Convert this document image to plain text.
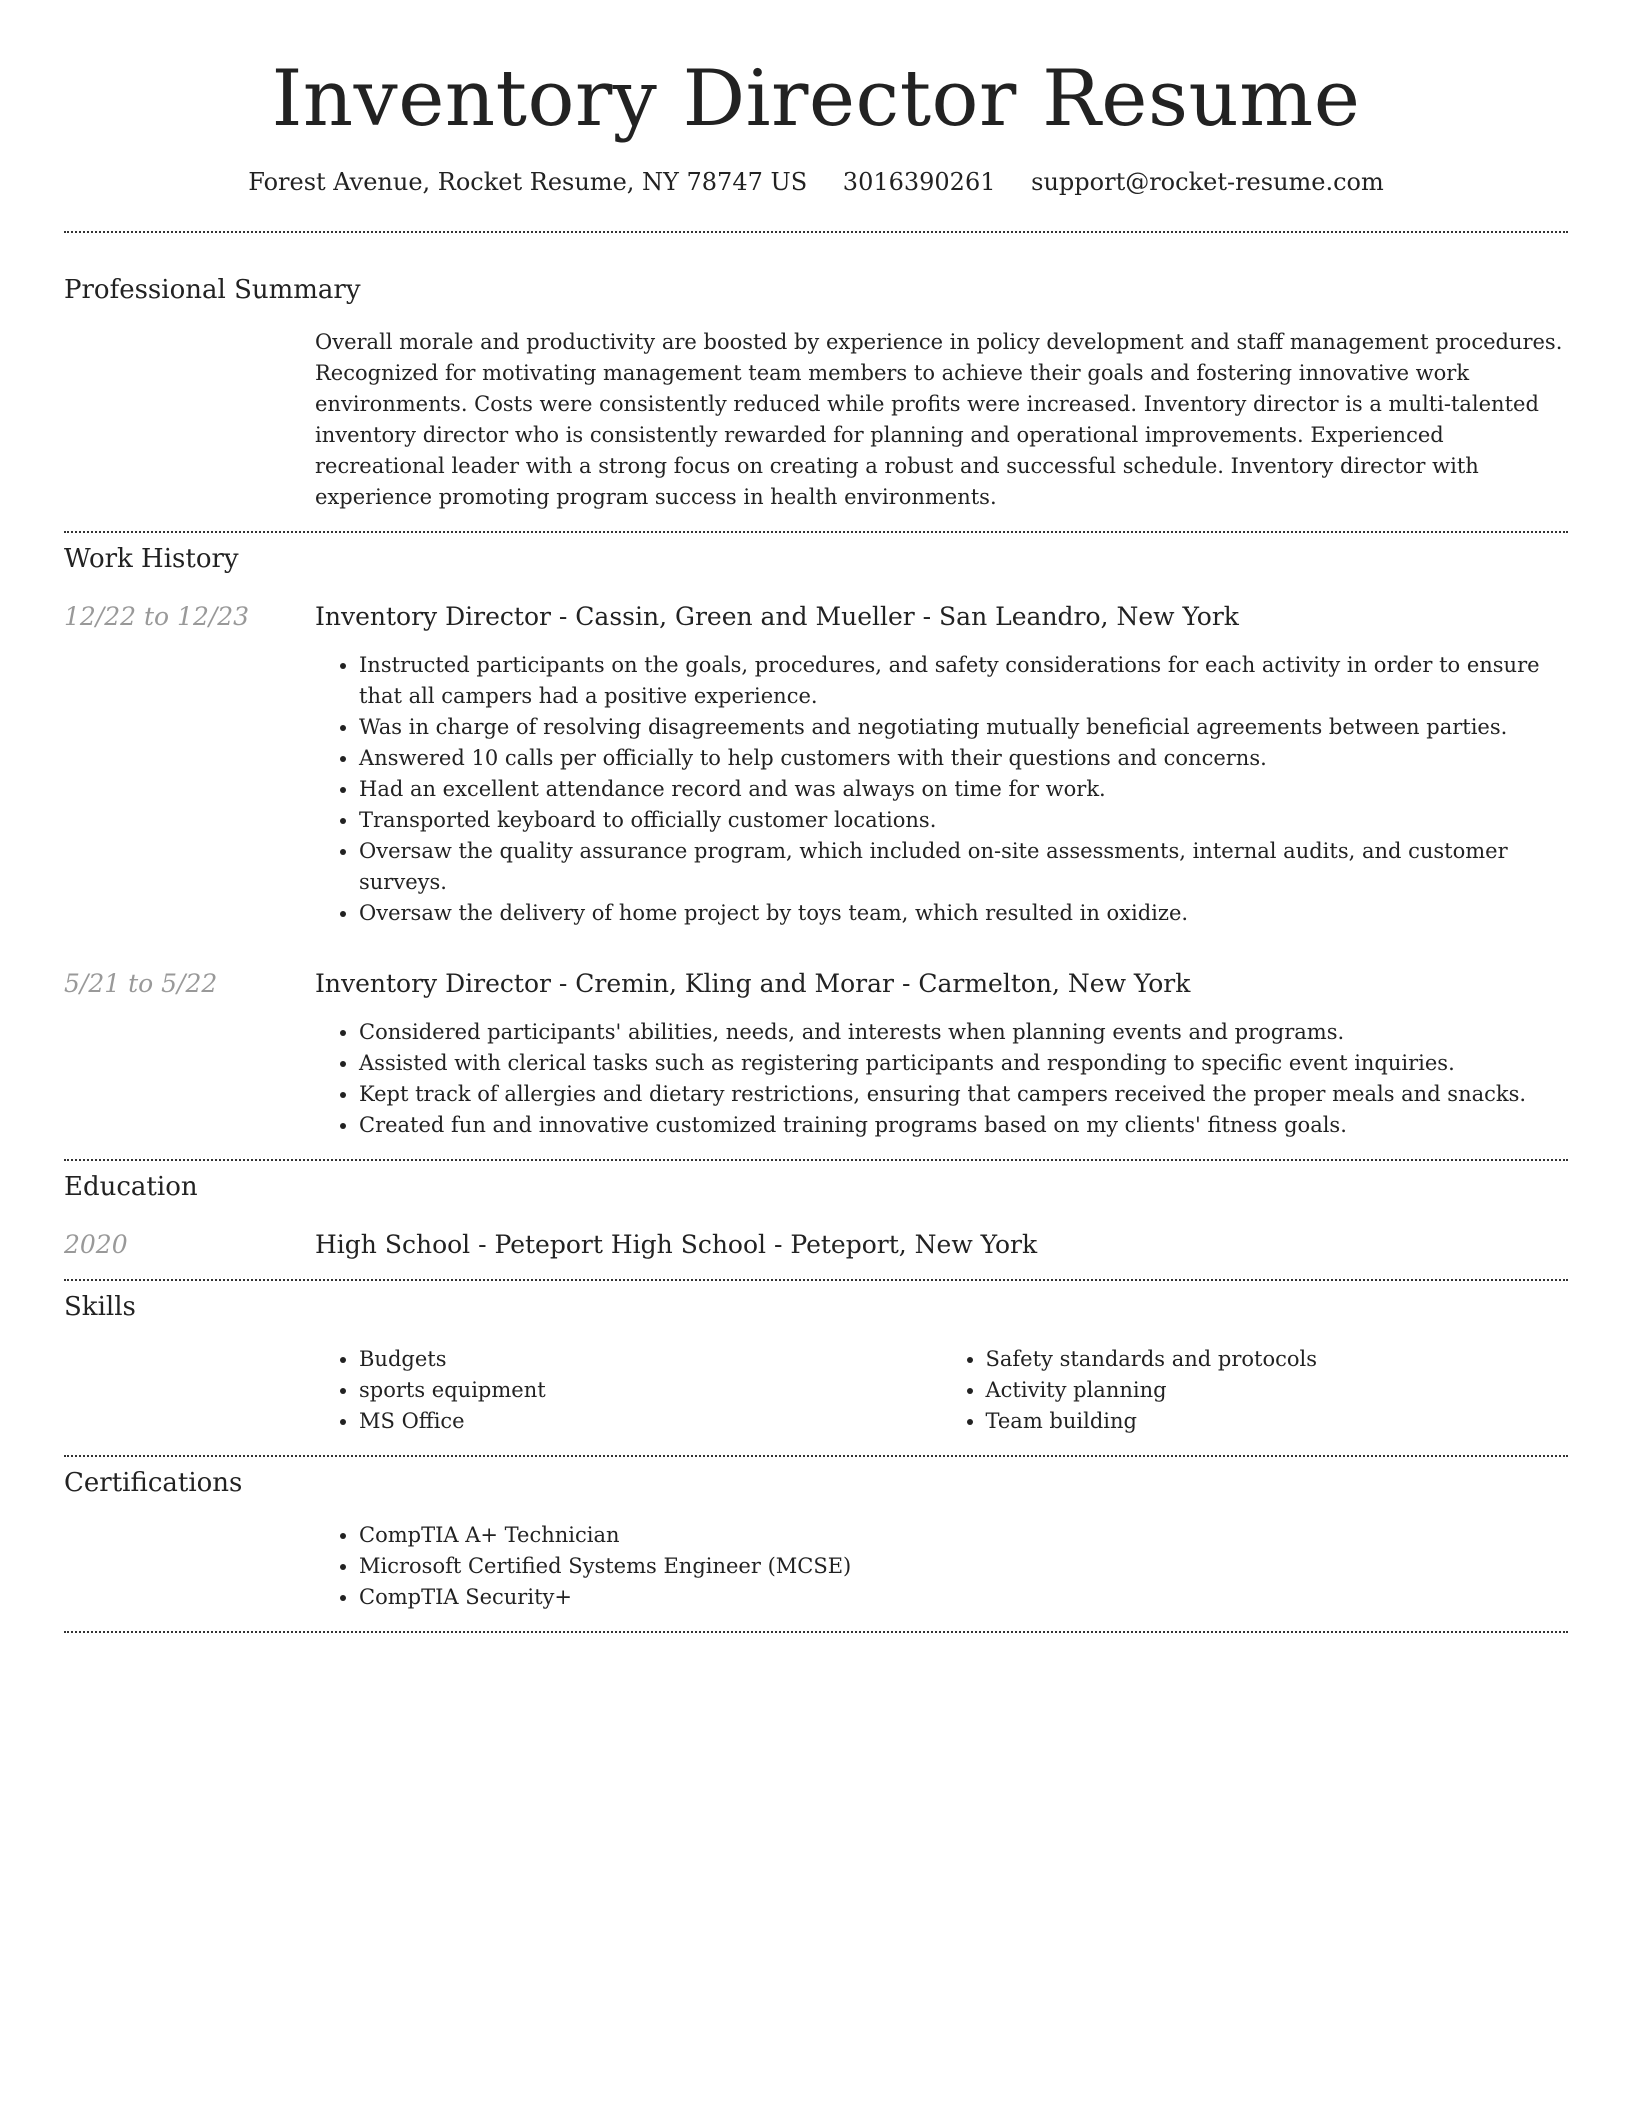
Inventory Director Resume
Forest Avenue, Rocket Resume, NY 78747 US 3016390261 support@rocket-resume.com
Professional Summary

Overall morale and productivity are boosted by experience in policy development and staff management procedures. Recognized for motivating management team members to achieve their goals and fostering innovative work environments. Costs were consistently reduced while profits were increased. Inventory director is a multi-talented inventory director who is consistently rewarded for planning and operational improvements. Experienced recreational leader with a strong focus on creating a robust and successful schedule. Inventory director with experience promoting program success in health environments.

Work History
12/22 to 12/23	Inventory Director - Cassin, Green and Mueller - San Leandro, New York

• Instructed participants on the goals, procedures, and safety considerations for each activity in order to ensure that all campers had a positive experience.
• Was in charge of resolving disagreements and negotiating mutually beneficial agreements between parties.
• Answered 10 calls per officially to help customers with their questions and concerns.
• Had an excellent attendance record and was always on time for work.
• Transported keyboard to officially customer locations.
• Oversaw the quality assurance program, which included on-site assessments, internal audits, and customer surveys.
• Oversaw the delivery of home project by toys team, which resulted in oxidize.
5/21 to 5/22	Inventory Director - Cremin, Kling and Morar - Carmelton, New York

• Considered participants' abilities, needs, and interests when planning events and programs.
• Assisted with clerical tasks such as registering participants and responding to specific event inquiries.
• Kept track of allergies and dietary restrictions, ensuring that campers received the proper meals and snacks.
• Created fun and innovative customized training programs based on my clients' fitness goals.
Education
2020	High School - Peteport High School - Peteport, New York

Skills
• Budgets
• sports equipment
• MS Office
• Safety standards and protocols
• Activity planning
• Team building
Certifications
• CompTIA A+ Technician
• Microsoft Certified Systems Engineer (MCSE)
• CompTIA Security+
